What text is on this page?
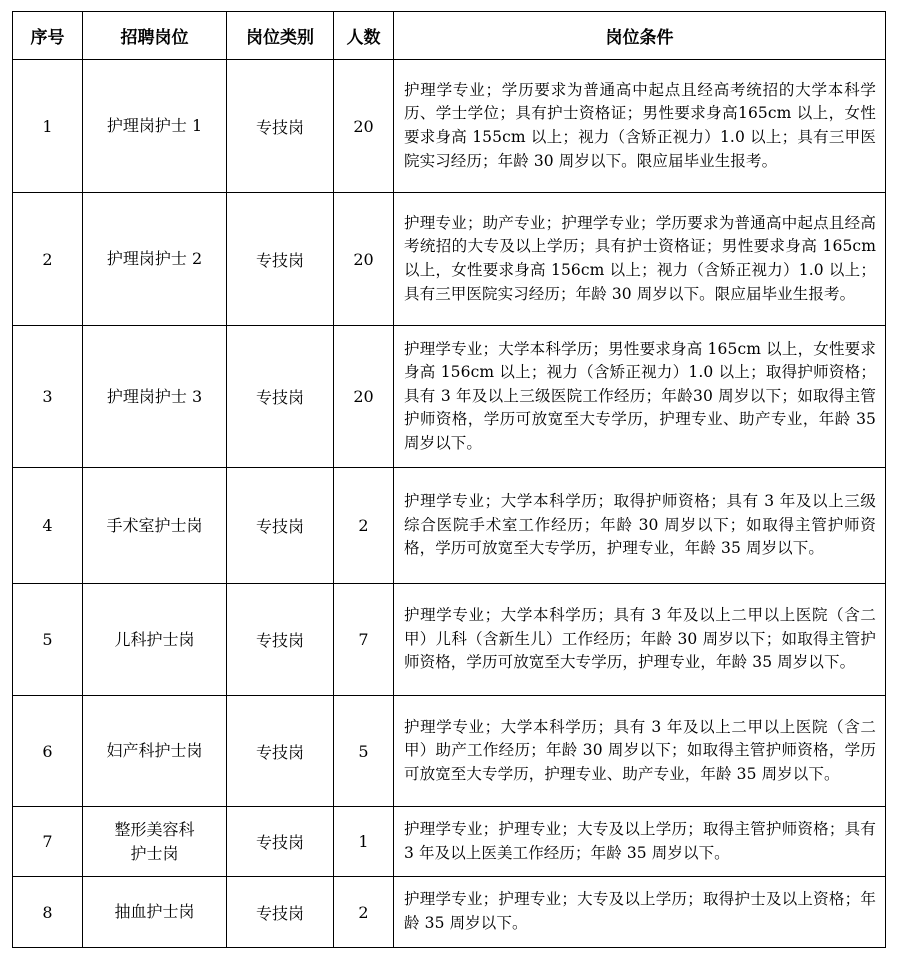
序号	招聘岗位	岗位类别	人数	岗位条件
1	护理岗护士 1	专技岗	20	护理学专业；学历要求为普通高中起点且经高考统招的大学本科学历、学士学位；具有护士资格证；男性要求身高165cm 以上，女性要求身高 155cm 以上；视力（含矫正视力）1.0 以上；具有三甲医院实习经历；年龄 30 周岁以下。限应届毕业生报考。
2	护理岗护士 2	专技岗	20	护理专业；助产专业；护理学专业；学历要求为普通高中起点且经高考统招的大专及以上学历；具有护士资格证；男性要求身高 165cm 以上，女性要求身高 156cm 以上；视力（含矫正视力）1.0 以上；具有三甲医院实习经历；年龄 30 周岁以下。限应届毕业生报考。
3	护理岗护士 3	专技岗	20	护理学专业；大学本科学历；男性要求身高 165cm 以上，女性要求身高 156cm 以上；视力（含矫正视力）1.0 以上；取得护师资格；具有 3 年及以上三级医院工作经历；年龄30 周岁以下；如取得主管护师资格，学历可放宽至大专学历，护理专业、助产专业，年龄 35 周岁以下。
4	手术室护士岗	专技岗	2	护理学专业；大学本科学历；取得护师资格；具有 3 年及以上三级综合医院手术室工作经历；年龄 30 周岁以下；如取得主管护师资格，学历可放宽至大专学历，护理专业，年龄 35 周岁以下。
5	儿科护士岗	专技岗	7	护理学专业；大学本科学历；具有 3 年及以上二甲以上医院（含二甲）儿科（含新生儿）工作经历；年龄 30 周岁以下；如取得主管护师资格，学历可放宽至大专学历，护理专业，年龄 35 周岁以下。
6	妇产科护士岗	专技岗	5	护理学专业；大学本科学历；具有 3 年及以上二甲以上医院（含二甲）助产工作经历；年龄 30 周岁以下；如取得主管护师资格，学历可放宽至大专学历，护理专业、助产专业，年龄 35 周岁以下。
7	整形美容科护士岗	专技岗	1	护理学专业；护理专业；大专及以上学历；取得主管护师资格；具有 3 年及以上医美工作经历；年龄 35 周岁以下。
8	抽血护士岗	专技岗	2	护理学专业；护理专业；大专及以上学历；取得护士及以上资格；年龄 35 周岁以下。
